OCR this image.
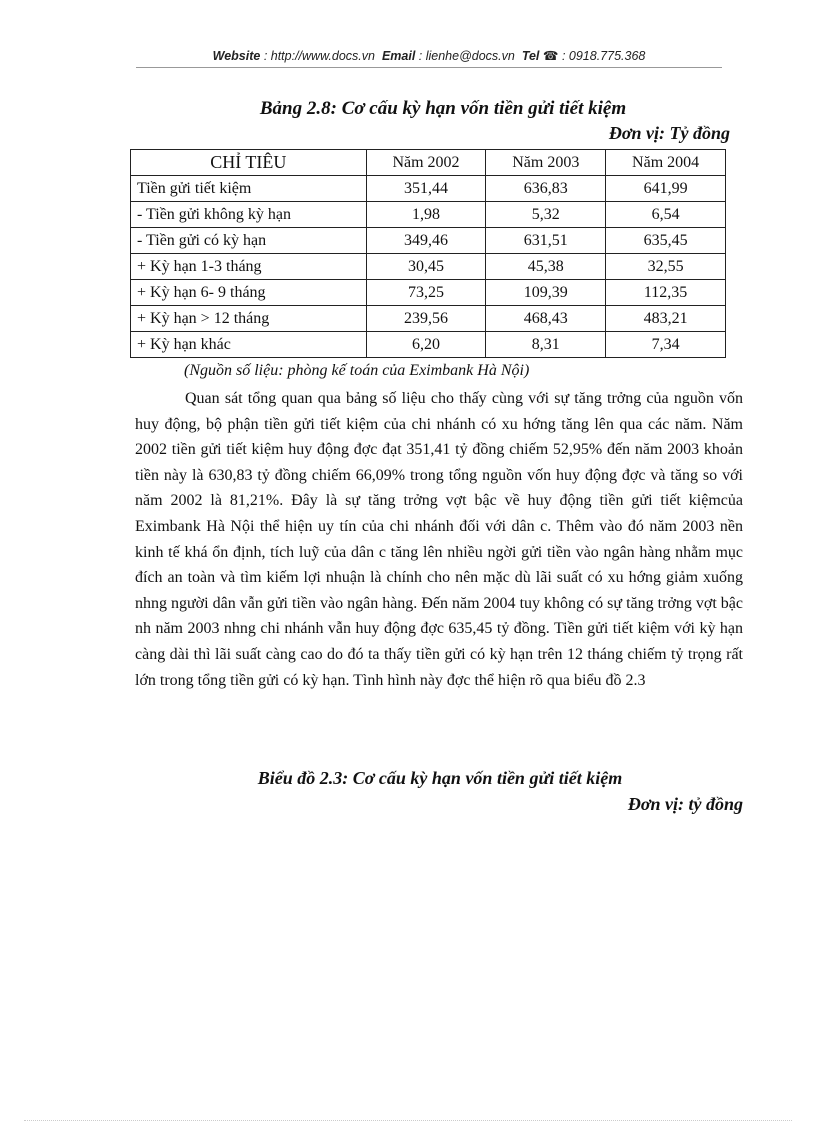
Website : http://www.docs.vn Email : lienhe@docs.vn Tel ☎ : 0918.775.368
Bảng 2.8: Cơ cấu kỳ hạn vốn tiền gửi tiết kiệm
Đơn vị: Tỷ đồng
CHỈ TIÊU	Năm 2002	Năm 2003	Năm 2004
Tiền gửi tiết kiệm	351,44	636,83	641,99
- Tiền gửi không kỳ hạn	1,98	5,32	6,54
- Tiền gửi có kỳ hạn	349,46	631,51	635,45
+ Kỳ hạn 1-3 tháng	30,45	45,38	32,55
+ Kỳ hạn 6- 9 tháng	73,25	109,39	112,35
+ Kỳ hạn > 12 tháng	239,56	468,43	483,21
+ Kỳ hạn khác	6,20	8,31	7,34
(Nguồn số liệu: phòng kế toán của Eximbank Hà Nội)

Quan sát tổng quan qua bảng số liệu cho thấy cùng với sự tăng trởng của nguồn vốn huy động, bộ phận tiền gửi tiết kiệm của chi nhánh có xu hớng tăng lên qua các năm. Năm 2002 tiền gửi tiết kiệm huy động đợc đạt 351,41 tỷ đồng chiếm 52,95% đến năm 2003 khoản tiền này là 630,83 tỷ đồng chiếm 66,09% trong tổng nguồn vốn huy động đợc và tăng so với năm 2002 là 81,21%. Đây là sự tăng trởng vợt bậc về huy động tiền gửi tiết kiệmcủa Eximbank Hà Nội thể hiện uy tín của chi nhánh đối với dân c. Thêm vào đó năm 2003 nền kinh tế khá ổn định, tích luỹ của dân c tăng lên nhiều ngời gửi tiền vào ngân hàng nhằm mục đích an toàn và tìm kiếm lợi nhuận là chính cho nên mặc dù lãi suất có xu hớng giảm xuống nhng người dân vẫn gửi tiền vào ngân hàng. Đến năm 2004 tuy không có sự tăng trởng vợt bậc nh năm 2003 nhng chi nhánh vẫn huy động đợc 635,45 tỷ đồng. Tiền gửi tiết kiệm với kỳ hạn càng dài thì lãi suất càng cao do đó ta thấy tiền gửi có kỳ hạn trên 12 tháng chiếm tỷ trọng rất lớn trong tổng tiền gửi có kỳ hạn. Tình hình này đợc thể hiện rõ qua biểu đồ 2.3

Biểu đồ 2.3: Cơ cấu kỳ hạn vốn tiền gửi tiết kiệm
Đơn vị: tỷ đồng
